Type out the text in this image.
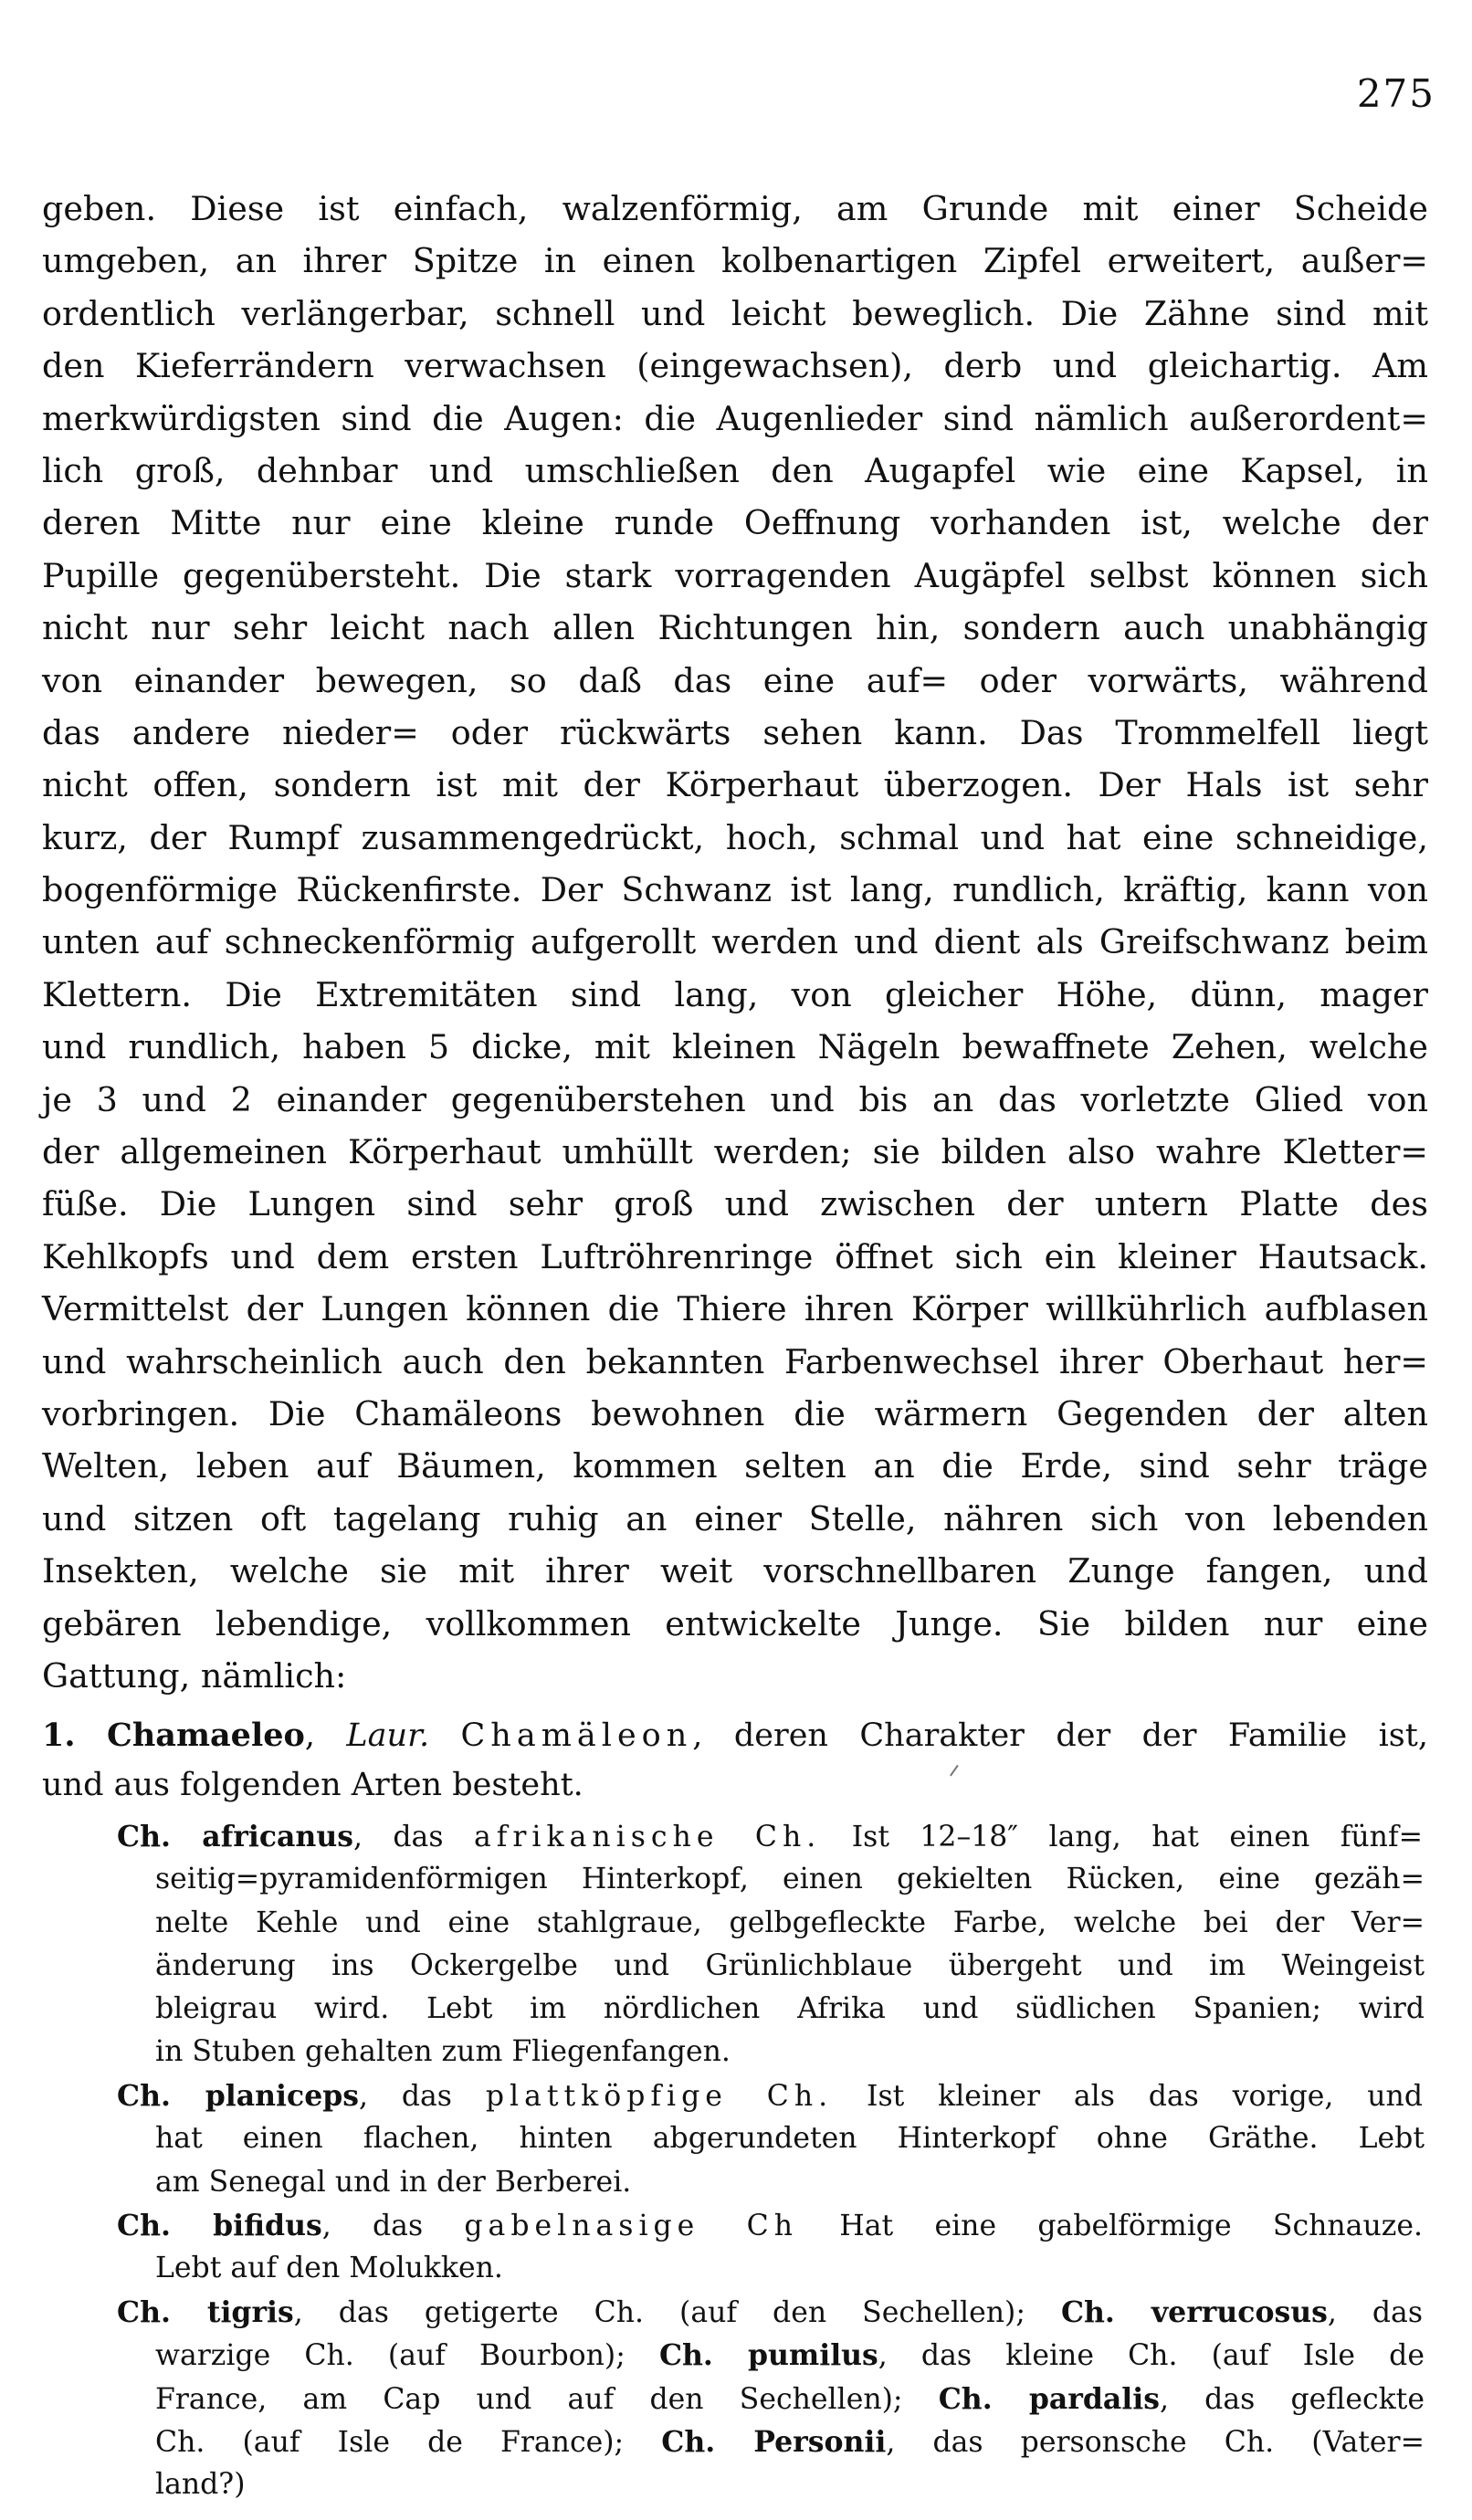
275
geben. Diese ist einfach, walzenförmig, am Grunde mit einer Scheide
umgeben, an ihrer Spitze in einen kolbenartigen Zipfel erweitert, außer=
ordentlich verlängerbar, schnell und leicht beweglich. Die Zähne sind mit
den Kieferrändern verwachsen (eingewachsen), derb und gleichartig. Am
merkwürdigsten sind die Augen: die Augenlieder sind nämlich außerordent=
lich groß, dehnbar und umschließen den Augapfel wie eine Kapsel, in
deren Mitte nur eine kleine runde Oeffnung vorhanden ist, welche der
Pupille gegenübersteht. Die stark vorragenden Augäpfel selbst können sich
nicht nur sehr leicht nach allen Richtungen hin, sondern auch unabhängig
von einander bewegen, so daß das eine auf= oder vorwärts, während
das andere nieder= oder rückwärts sehen kann. Das Trommelfell liegt
nicht offen, sondern ist mit der Körperhaut überzogen. Der Hals ist sehr
kurz, der Rumpf zusammengedrückt, hoch, schmal und hat eine schneidige,
bogenförmige Rückenfirste. Der Schwanz ist lang, rundlich, kräftig, kann von
unten auf schneckenförmig aufgerollt werden und dient als Greifschwanz beim
Klettern. Die Extremitäten sind lang, von gleicher Höhe, dünn, mager
und rundlich, haben 5 dicke, mit kleinen Nägeln bewaffnete Zehen, welche
je 3 und 2 einander gegenüberstehen und bis an das vorletzte Glied von
der allgemeinen Körperhaut umhüllt werden; sie bilden also wahre Kletter=
füße. Die Lungen sind sehr groß und zwischen der untern Platte des
Kehlkopfs und dem ersten Luftröhrenringe öffnet sich ein kleiner Hautsack.
Vermittelst der Lungen können die Thiere ihren Körper willkührlich aufblasen
und wahrscheinlich auch den bekannten Farbenwechsel ihrer Oberhaut her=
vorbringen. Die Chamäleons bewohnen die wärmern Gegenden der alten
Welten, leben auf Bäumen, kommen selten an die Erde, sind sehr träge
und sitzen oft tagelang ruhig an einer Stelle, nähren sich von lebenden
Insekten, welche sie mit ihrer weit vorschnellbaren Zunge fangen, und
gebären lebendige, vollkommen entwickelte Junge. Sie bilden nur eine
Gattung, nämlich:
1. Chamaeleo, Laur. Chamäleon, deren Charakter der der Familie ist,
und aus folgenden Arten besteht.
Ch. africanus, das afrikanische Ch. Ist 12–18″ lang, hat einen fünf=
seitig=pyramidenförmigen Hinterkopf, einen gekielten Rücken, eine gezäh=
nelte Kehle und eine stahlgraue, gelbgefleckte Farbe, welche bei der Ver=
änderung ins Ockergelbe und Grünlichblaue übergeht und im Weingeist
bleigrau wird. Lebt im nördlichen Afrika und südlichen Spanien; wird
in Stuben gehalten zum Fliegenfangen.
Ch. planiceps, das plattköpfige Ch. Ist kleiner als das vorige, und
hat einen flachen, hinten abgerundeten Hinterkopf ohne Gräthe. Lebt
am Senegal und in der Berberei.
Ch. bifidus, das gabelnasige Ch Hat eine gabelförmige Schnauze.
Lebt auf den Molukken.
Ch. tigris, das getigerte Ch. (auf den Sechellen); Ch. verrucosus, das
warzige Ch. (auf Bourbon); Ch. pumilus, das kleine Ch. (auf Isle de
France, am Cap und auf den Sechellen); Ch. pardalis, das gefleckte
Ch. (auf Isle de France); Ch. Personii, das personsche Ch. (Vater=
land?)
